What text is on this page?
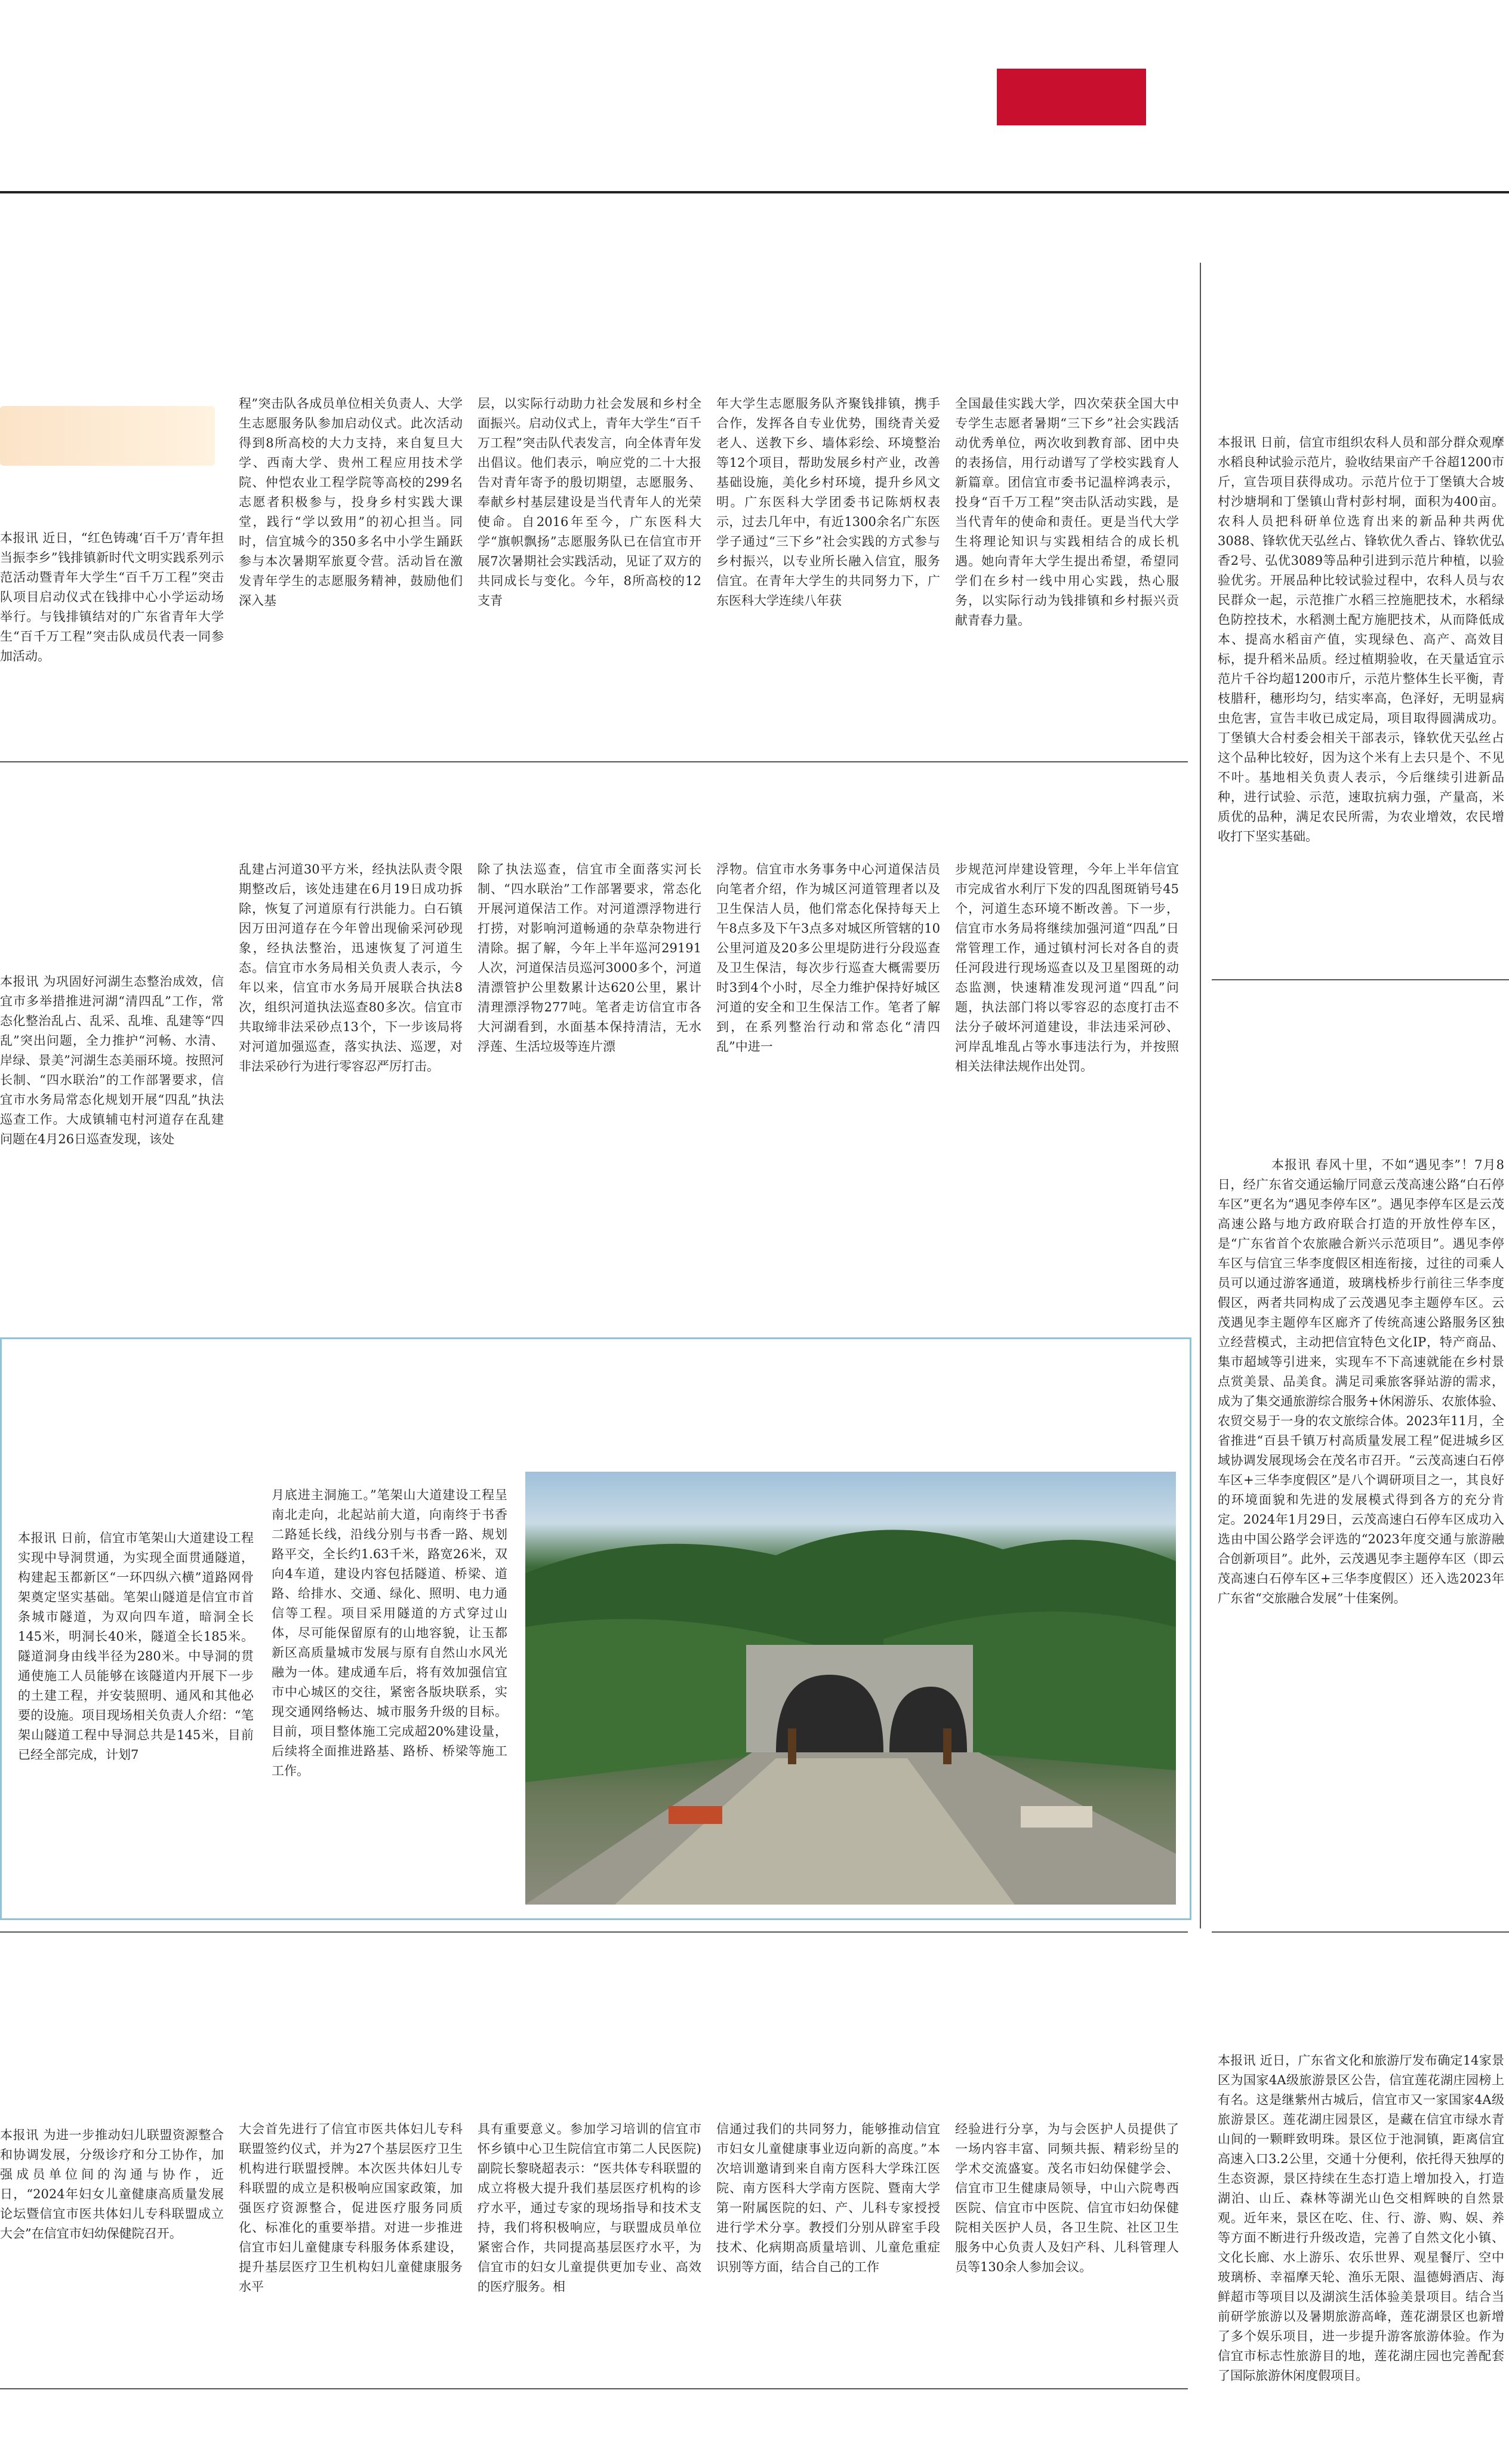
本报讯 近日，“红色铸魂‘百千万’青年担当振李乡”钱排镇新时代文明实践系列示范活动暨青年大学生“百千万工程”突击队项目启动仪式在钱排中心小学运动场举行。与钱排镇结对的广东省青年大学生“百千万工程”突击队成员代表一同参加活动。
程”突击队各成员单位相关负责人、大学生志愿服务队参加启动仪式。此次活动得到8所高校的大力支持，来自复旦大学、西南大学、贵州工程应用技术学院、仲恺农业工程学院等高校的299名志愿者积极参与，投身乡村实践大课堂，践行“学以致用”的初心担当。同时，信宜城今的350多名中小学生踊跃参与本次暑期军旅夏令营。活动旨在激发青年学生的志愿服务精神，鼓励他们深入基
层，以实际行动助力社会发展和乡村全面振兴。启动仪式上，青年大学生“百千万工程”突击队代表发言，向全体青年发出倡议。他们表示，响应党的二十大报告对青年寄予的殷切期望，志愿服务、奉献乡村基层建设是当代青年人的光荣使命。自2016年至今，广东医科大学“旗帜飘扬”志愿服务队已在信宜市开展7次暑期社会实践活动，见证了双方的共同成长与变化。今年，8所高校的12支青
年大学生志愿服务队齐聚钱排镇，携手合作，发挥各自专业优势，围绕青关爱老人、送教下乡、墙体彩绘、环境整治等12个项目，帮助发展乡村产业，改善基础设施，美化乡村环境，提升乡风文明。广东医科大学团委书记陈炳权表示，过去几年中，有近1300余名广东医学子通过“三下乡”社会实践的方式参与乡村振兴，以专业所长融入信宜，服务信宜。在青年大学生的共同努力下，广东医科大学连续八年获
全国最佳实践大学，四次荣获全国大中专学生志愿者暑期“三下乡”社会实践活动优秀单位，两次收到教育部、团中央的表扬信，用行动谱写了学校实践育人新篇章。团信宜市委书记温梓鸿表示，投身“百千万工程”突击队活动实践，是当代青年的使命和责任。更是当代大学生将理论知识与实践相结合的成长机遇。她向青年大学生提出希望，希望同学们在乡村一线中用心实践，热心服务，以实际行动为钱排镇和乡村振兴贡献青春力量。
本报讯 日前，信宜市组织农科人员和部分群众观摩水稻良种试验示范片，验收结果亩产千谷超1200市斤，宣告项目获得成功。示范片位于丁堡镇大合坡村沙塘垌和丁堡镇山背村彭村垌，面积为400亩。农科人员把科研单位选育出来的新品种共两优3088、锋软优天弘丝占、锋软优久香占、锋软优弘香2号、弘优3089等品种引进到示范片种植，以验验优劣。开展品种比较试验过程中，农科人员与农民群众一起，示范推广水稻三控施肥技术，水稻绿色防控技术，水稻测土配方施肥技术，从而降低成本、提高水稻亩产值，实现绿色、高产、高效目标，提升稻米品质。经过植期验收，在天量适宜示范片千谷均超1200市斤，示范片整体生长平衡，青枝腊秆，穗形均匀，结实率高，色泽好，无明显病虫危害，宣告丰收已成定局，项目取得圆满成功。丁堡镇大合村委会相关干部表示，锋软优天弘丝占这个品种比较好，因为这个米有上去只是个、不见不叶。基地相关负责人表示，今后继续引进新品种，进行试验、示范，速取抗病力强，产量高，米质优的品种，满足农民所需，为农业增效，农民增收打下坚实基础。
本报讯 为巩固好河湖生态整治成效，信宜市多举措推进河湖“清四乱”工作，常态化整治乱占、乱采、乱堆、乱建等“四乱”突出问题，全力推护“河畅、水清、岸绿、景美”河湖生态美丽环境。按照河长制、“四水联治”的工作部署要求，信宜市水务局常态化规划开展“四乱”执法巡查工作。大成镇辅屯村河道存在乱建问题在4月26日巡查发现，该处
乱建占河道30平方米，经执法队责令限期整改后，该处违建在6月19日成功拆除，恢复了河道原有行洪能力。白石镇因万田河道存在今年曾出现偷采河砂现象，经执法整治，迅速恢复了河道生态。信宜市水务局相关负责人表示，今年以来，信宜市水务局开展联合执法8次，组织河道执法巡查80多次。信宜市共取缔非法采砂点13个，下一步该局将对河道加强巡查，落实执法、巡逻，对非法采砂行为进行零容忍严厉打击。
除了执法巡查，信宜市全面落实河长制、“四水联治”工作部署要求，常态化开展河道保洁工作。对河道漂浮物进行打捞，对影响河道畅通的杂草杂物进行清除。据了解，今年上半年巡河29191人次，河道保洁员巡河3000多个，河道清漂管护公里数累计达620公里，累计清理漂浮物277吨。笔者走访信宜市各大河湖看到，水面基本保持清洁，无水浮莲、生活垃圾等连片漂
浮物。信宜市水务事务中心河道保洁员向笔者介绍，作为城区河道管理者以及卫生保洁人员，他们常态化保持每天上午8点多及下午3点多对城区所管辖的10公里河道及20多公里堤防进行分段巡查及卫生保洁，每次步行巡查大概需要历时3到4个小时，尽全力维护保持好城区河道的安全和卫生保洁工作。笔者了解到，在系列整治行动和常态化“清四乱”中进一
步规范河岸建设管理，今年上半年信宜市完成省水利厅下发的四乱图斑销号45个，河道生态环境不断改善。下一步，信宜市水务局将继续加强河道“四乱”日常管理工作，通过镇村河长对各自的责任河段进行现场巡查以及卫星图斑的动态监测，快速精准发现河道“四乱”问题，执法部门将以零容忍的态度打击不法分子破坏河道建设，非法违采河砂、河岸乱堆乱占等水事违法行为，并按照相关法律法规作出处罚。
本报讯 春风十里，不如“遇见李”！7月8日，经广东省交通运输厅同意云茂高速公路“白石停车区”更名为“遇见李停车区”。遇见李停车区是云茂高速公路与地方政府联合打造的开放性停车区，是“广东省首个农旅融合新兴示范项目”。遇见李停车区与信宜三华李度假区相连衔接，过往的司乘人员可以通过游客通道，玻璃栈桥步行前往三华李度假区，两者共同构成了云茂遇见李主题停车区。云茂遇见李主题停车区廊齐了传统高速公路服务区独立经营模式，主动把信宜特色文化IP，特产商品、集市超域等引进来，实现车不下高速就能在乡村景点赏美景、品美食。满足司乘旅客驿站游的需求，成为了集交通旅游综合服务+休闲游乐、农旅体验、农贸交易于一身的农文旅综合体。2023年11月，全省推进“百县千镇万村高质量发展工程”促进城乡区域协调发展现场会在茂名市召开。“云茂高速白石停车区+三华李度假区”是八个调研项目之一，其良好的环境面貌和先进的发展模式得到各方的充分肯定。2024年1月29日，云茂高速白石停车区成功入选由中国公路学会评选的“2023年度交通与旅游融合创新项目”。此外，云茂遇见李主题停车区（即云茂高速白石停车区+三华李度假区）还入选2023年广东省“交旅融合发展”十佳案例。
本报讯 日前，信宜市笔架山大道建设工程实现中导洞贯通，为实现全面贯通隧道，构建起玉都新区“一环四纵六横”道路网骨架奠定坚实基础。笔架山隧道是信宜市首条城市隧道，为双向四车道，暗洞全长145米，明洞长40米，隧道全长185米。隧道洞身由线半径为280米。中导洞的贯通使施工人员能够在该隧道内开展下一步的土建工程，并安装照明、通风和其他必要的设施。项目现场相关负责人介绍：“笔架山隧道工程中导洞总共是145米，目前已经全部完成，计划7
月底进主洞施工。”笔架山大道建设工程呈南北走向，北起站前大道，向南终于书香二路延长线，沿线分别与书香一路、规划路平交，全长约1.63千米，路宽26米，双向4车道，建设内容包括隧道、桥梁、道路、给排水、交通、绿化、照明、电力通信等工程。项目采用隧道的方式穿过山体，尽可能保留原有的山地容貌，让玉都新区高质量城市发展与原有自然山水风光融为一体。建成通车后，将有效加强信宜市中心城区的交往，紧密各版块联系，实现交通网络畅达、城市服务升级的目标。目前，项目整体施工完成超20%建设量，后续将全面推进路基、路桥、桥梁等施工工作。
本报讯 近日，广东省文化和旅游厅发布确定14家景区为国家4A级旅游景区公告，信宜莲花湖庄园榜上有名。这是继紫州古城后，信宜市又一家国家4A级旅游景区。莲花湖庄园景区，是藏在信宜市绿水青山间的一颗畔致明珠。景区位于池洞镇，距离信宜高速入口3.2公里，交通十分便利，依托得天独厚的生态资源，景区持续在生态打造上增加投入，打造湖泊、山丘、森林等湖光山色交相辉映的自然景观。近年来，景区在吃、住、行、游、购、娱、养等方面不断进行升级改造，完善了自然文化小镇、文化长廊、水上游乐、农乐世界、观星餐厅、空中玻璃桥、幸福摩天轮、渔乐无限、温德姆酒店、海鲜超市等项目以及湖滨生活体验美景项目。结合当前研学旅游以及暑期旅游高峰，莲花湖景区也新增了多个娱乐项目，进一步提升游客旅游体验。作为信宜市标志性旅游目的地，莲花湖庄园也完善配套了国际旅游休闲度假项目。
本报讯 为进一步推动妇儿联盟资源整合和协调发展，分级诊疗和分工协作，加强成员单位间的沟通与协作，近日，“2024年妇女儿童健康高质量发展论坛暨信宜市医共体妇儿专科联盟成立大会”在信宜市妇幼保健院召开。

大会首先进行了信宜市医共体妇儿专科联盟签约仪式，并为27个基层医疗卫生机构进行联盟授牌。本次医共体妇儿专科联盟的成立是积极响应国家政策，加强医疗资源整合，促进医疗服务同质化、标准化的重要举措。对进一步推进信宜市妇儿童健康专科服务体系建设，提升基层医疗卫生机构妇儿童健康服务水平

具有重要意义。参加学习培训的信宜市怀乡镇中心卫生院信宜市第二人民医院)副院长黎晓超表示：“医共体专科联盟的成立将极大提升我们基层医疗机构的诊疗水平，通过专家的现场指导和技术支持，我们将积极响应，与联盟成员单位紧密合作，共同提高基层医疗水平，为信宜市的妇女儿童提供更加专业、高效的医疗服务。相

信通过我们的共同努力，能够推动信宜市妇女儿童健康事业迈向新的高度。”本次培训邀请到来自南方医科大学珠江医院、南方医科大学南方医院、暨南大学第一附属医院的妇、产、儿科专家授授进行学术分享。教授们分别从辟室手段技术、化病期高质量培训、儿童危重症识别等方面，结合自己的工作

经验进行分享，为与会医护人员提供了一场内容丰富、同频共振、精彩纷呈的学术交流盛宴。茂名市妇幼保健学会、信宜市卫生健康局领导，中山六院粤西医院、信宜市中医院、信宜市妇幼保健院相关医护人员，各卫生院、社区卫生服务中心负责人及妇产科、儿科管理人员等130余人参加会议。
